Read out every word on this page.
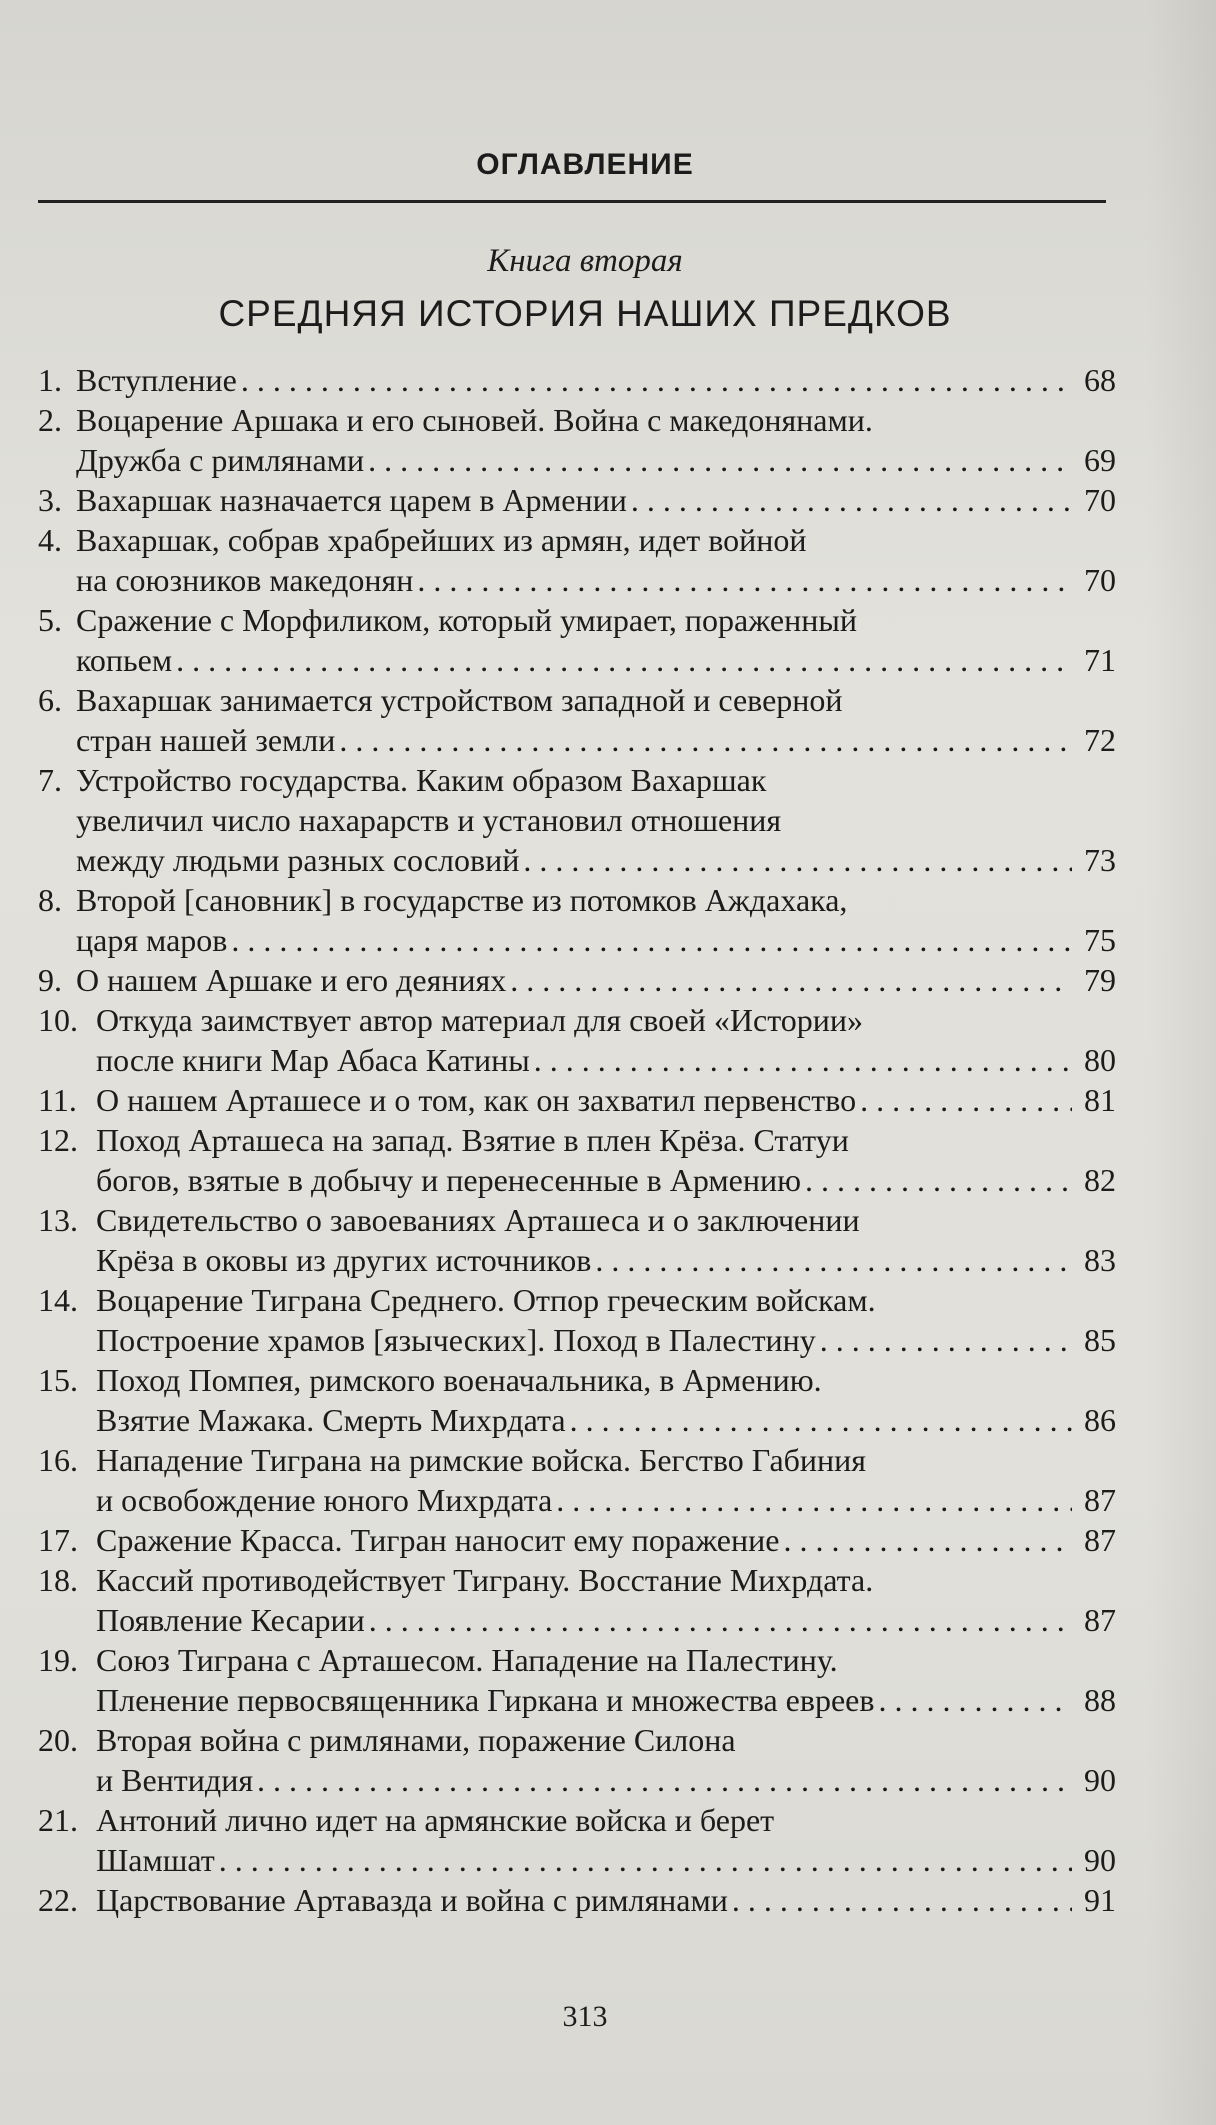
ОГЛАВЛЕНИЕ
Книга вторая
СРЕДНЯЯ ИСТОРИЯ НАШИХ ПРЕДКОВ
1. Вступление . . .	68
2. Воцарение Аршака и его сыновей. Война с македонянами.
Дружба с римлянами . . .	69
3. Вахаршак назначается царем в Армении . . .	70
4. Вахаршак, собрав храбрейших из армян, идет войной
на союзников македонян . . .	70
5. Сражение с Морфиликом, который умирает, пораженный
копьем . . .	71
6. Вахаршак занимается устройством западной и северной
стран нашей земли . . .	72
7. Устройство государства. Каким образом Вахаршак
увеличил число нахарарств и установил отношения
между людьми разных сословий . . .	73
8. Второй [сановник] в государстве из потомков Аждахака,
царя маров . . .	75
9. О нашем Аршаке и его деяниях . . .	79
10. Откуда заимствует автор материал для своей «Истории»
после книги Мар Абаса Катины . . .	80
11. О нашем Арташесе и о том, как он захватил первенство . . .	81
12. Поход Арташеса на запад. Взятие в плен Крёза. Статуи
богов, взятые в добычу и перенесенные в Армению . . .	82
13. Свидетельство о завоеваниях Арташеса и о заключении
Крёза в оковы из других источников . . .	83
14. Воцарение Тиграна Среднего. Отпор греческим войскам.
Построение храмов [языческих]. Поход в Палестину . . .	85
15. Поход Помпея, римского военачальника, в Армению.
Взятие Мажака. Смерть Михрдата . . .	86
16. Нападение Тиграна на римские войска. Бегство Габиния
и освобождение юного Михрдата . . .	87
17. Сражение Красса. Тигран наносит ему поражение . . .	87
18. Кассий противодействует Тиграну. Восстание Михрдата.
Появление Кесарии . . .	87
19. Союз Тиграна с Арташесом. Нападение на Палестину.
Пленение первосвященника Гиркана и множества евреев . . .	88
20. Вторая война с римлянами, поражение Силона
и Вентидия . . .	90
21. Антоний лично идет на армянские войска и берет
Шамшат . . .	90
22. Царствование Артавазда и война с римлянами . . .	91
313
